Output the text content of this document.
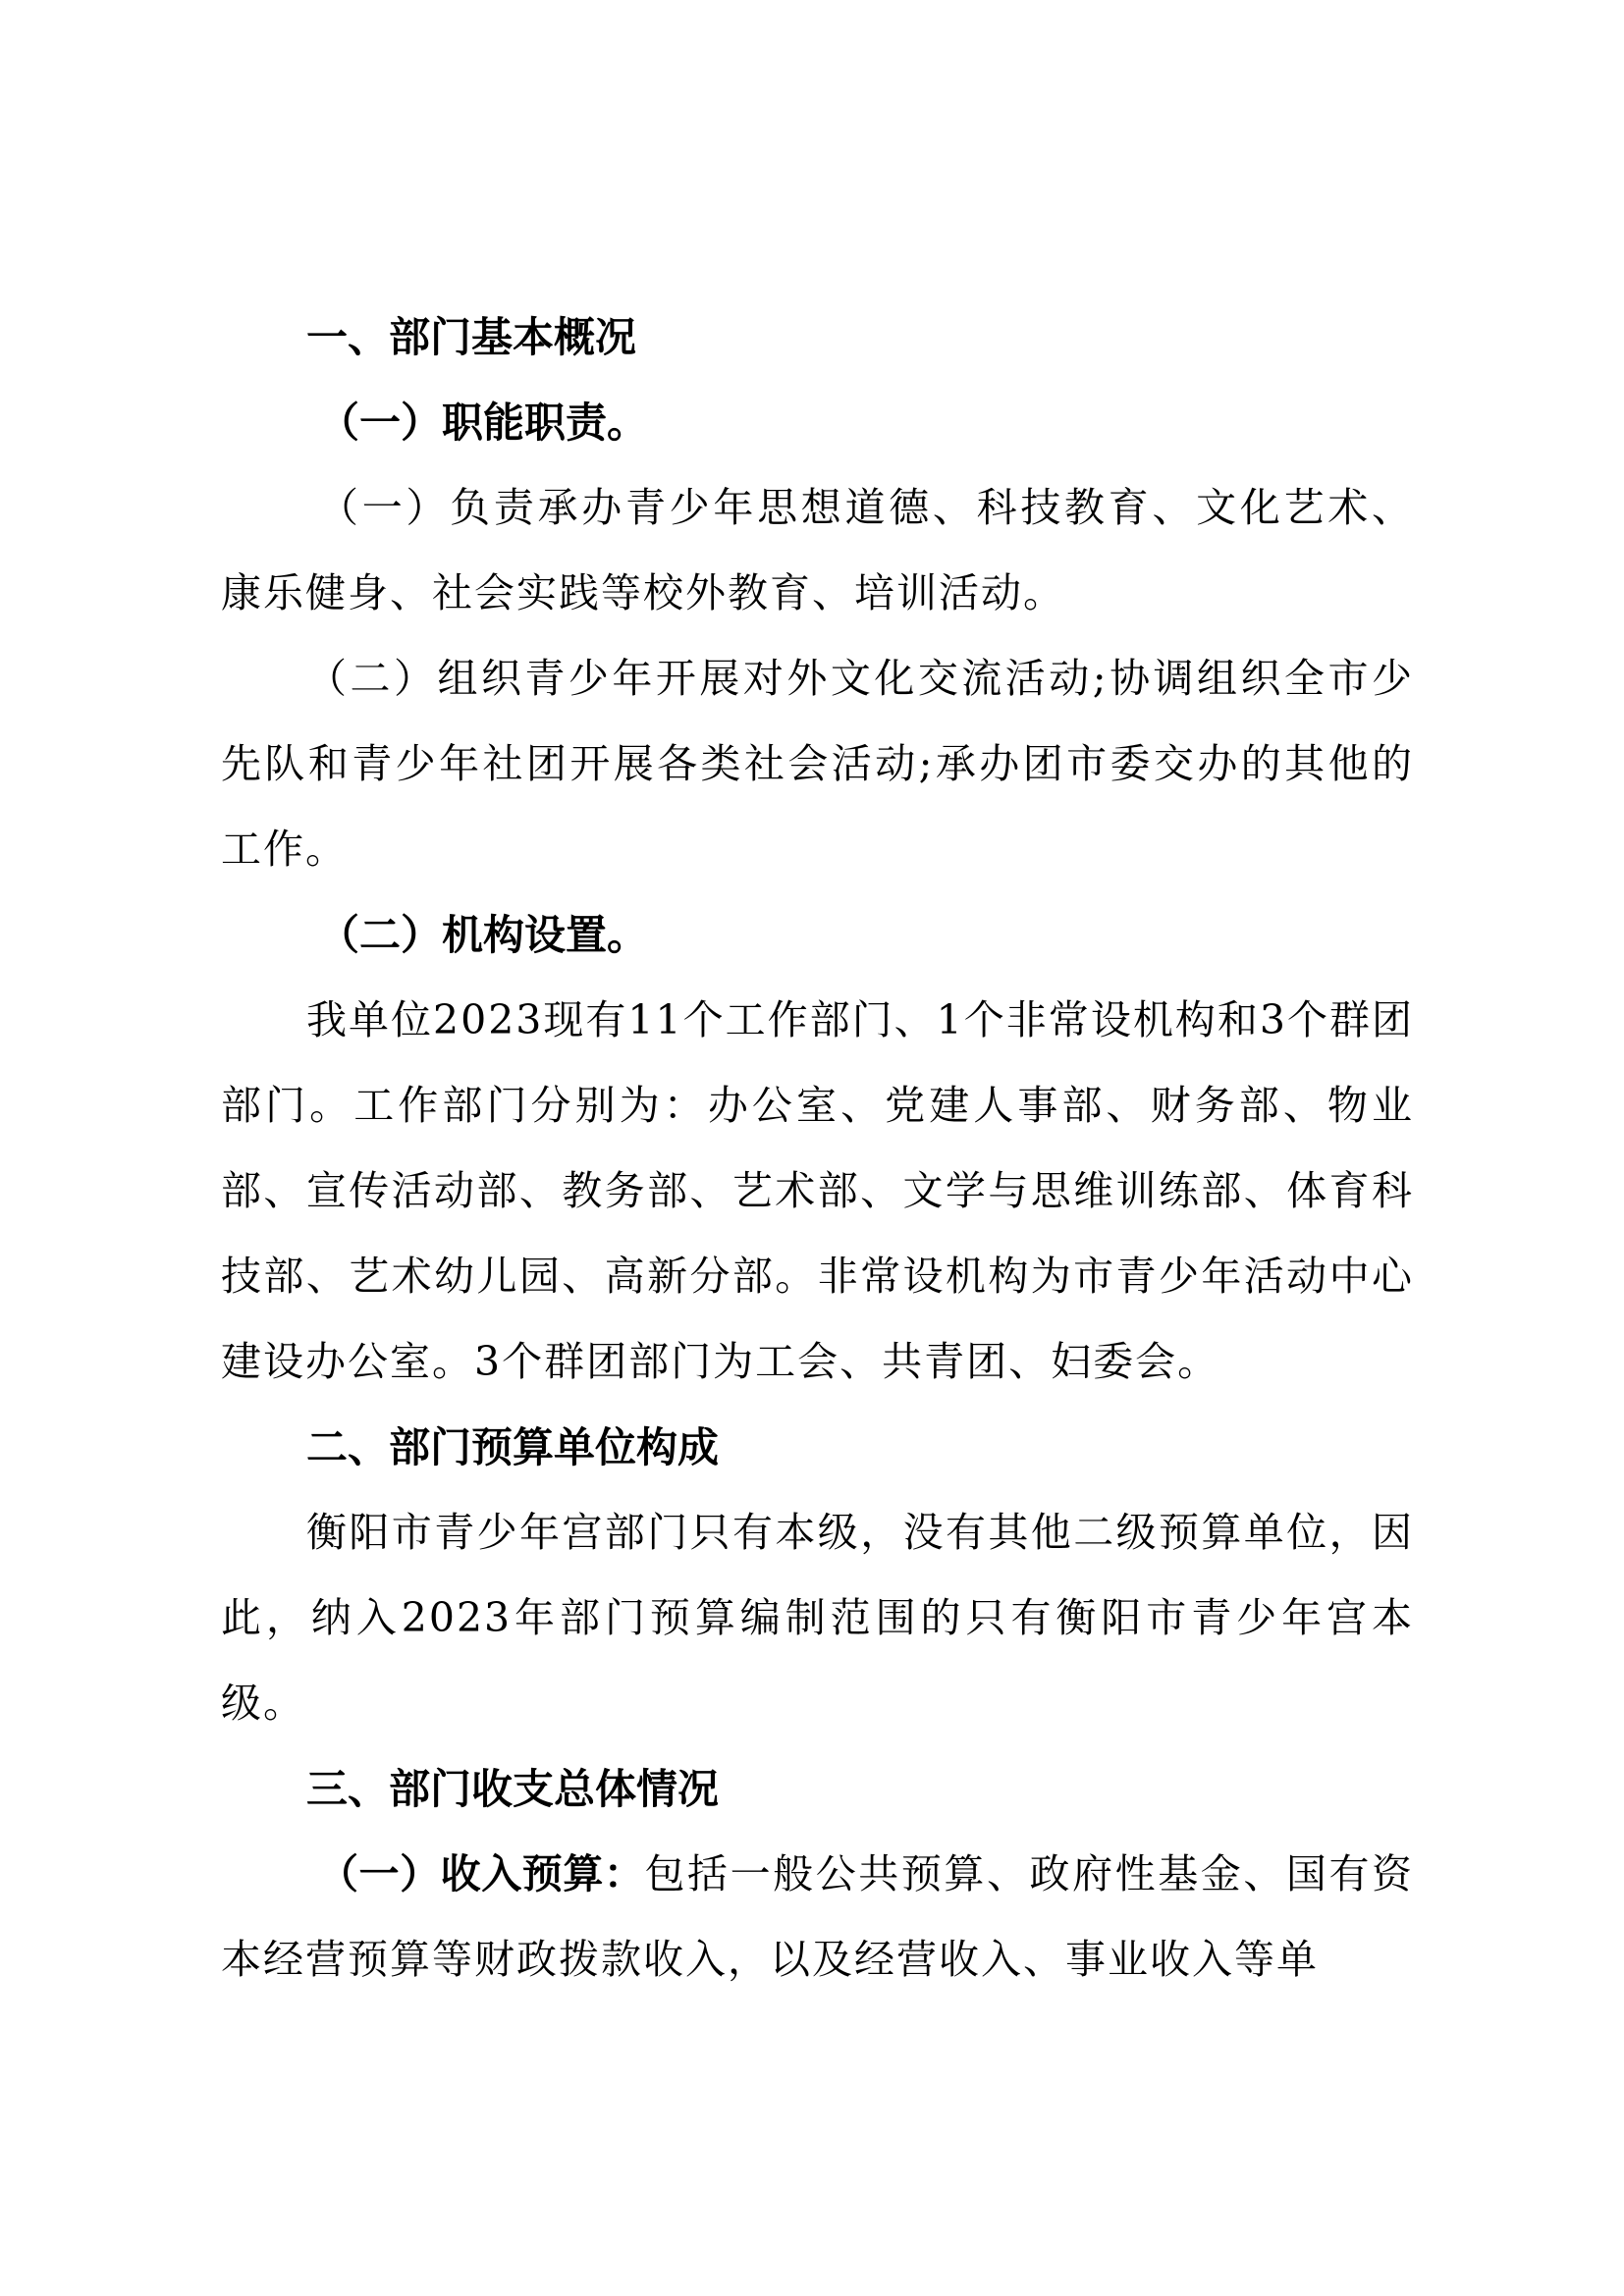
一、部门基本概况
（一）职能职责。
（一）负责承办青少年思想道德、科技教育、文化艺术、康乐健身、社会实践等校外教育、培训活动。
（二）组织青少年开展对外文化交流活动;协调组织全市少先队和青少年社团开展各类社会活动;承办团市委交办的其他的工作。
（二）机构设置。
我单位2023现有11个工作部门、1个非常设机构和3个群团部门。工作部门分别为：办公室、党建人事部、财务部、物业部、宣传活动部、教务部、艺术部、文学与思维训练部、体育科技部、艺术幼儿园、高新分部。非常设机构为市青少年活动中心建设办公室。3个群团部门为工会、共青团、妇委会。
二、部门预算单位构成
衡阳市青少年宫部门只有本级，没有其他二级预算单位，因此，纳入2023年部门预算编制范围的只有衡阳市青少年宫本级。
三、部门收支总体情况
（一）收入预算：包括一般公共预算、政府性基金、国有资本经营预算等财政拨款收入，以及经营收入、事业收入等单
